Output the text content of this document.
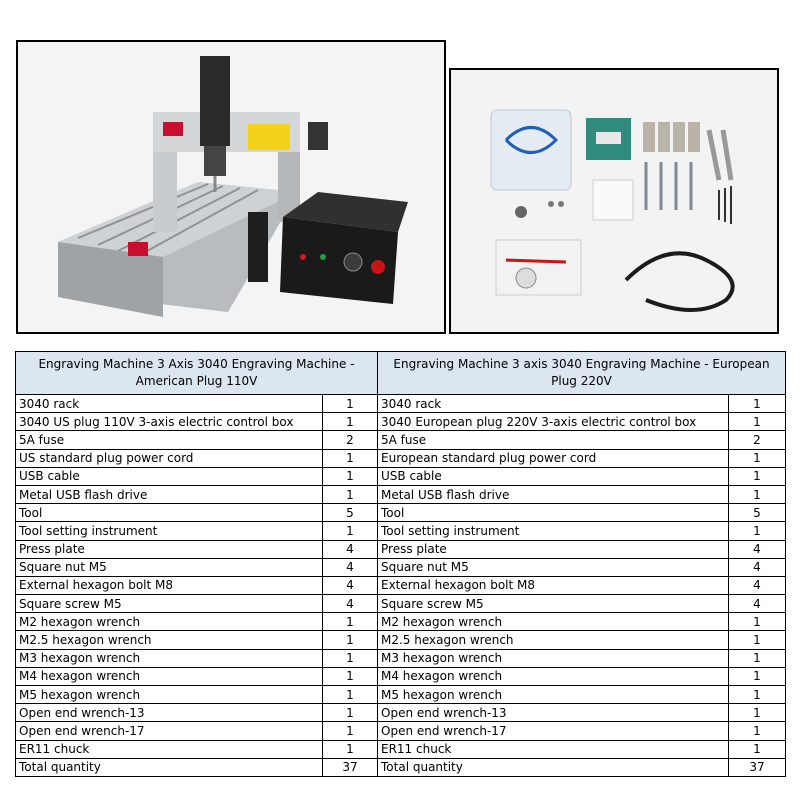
Engraving Machine 3 Axis 3040 Engraving Machine - American Plug 110V		Engraving Machine 3 axis 3040 Engraving Machine - European Plug 220V	
3040 rack	1	3040 rack	1
3040 US plug 110V 3-axis electric control box	1	3040 European plug 220V 3-axis electric control box	1
5A fuse	2	5A fuse	2
US standard plug power cord	1	European standard plug power cord	1
USB cable	1	USB cable	1
Metal USB flash drive	1	Metal USB flash drive	1
Tool	5	Tool	5
Tool setting instrument	1	Tool setting instrument	1
Press plate	4	Press plate	4
Square nut M5	4	Square nut M5	4
External hexagon bolt M8	4	External hexagon bolt M8	4
Square screw M5	4	Square screw M5	4
M2 hexagon wrench	1	M2 hexagon wrench	1
M2.5 hexagon wrench	1	M2.5 hexagon wrench	1
M3 hexagon wrench	1	M3 hexagon wrench	1
M4 hexagon wrench	1	M4 hexagon wrench	1
M5 hexagon wrench	1	M5 hexagon wrench	1
Open end wrench-13	1	Open end wrench-13	1
Open end wrench-17	1	Open end wrench-17	1
ER11 chuck	1	ER11 chuck	1
Total quantity	37	Total quantity	37
